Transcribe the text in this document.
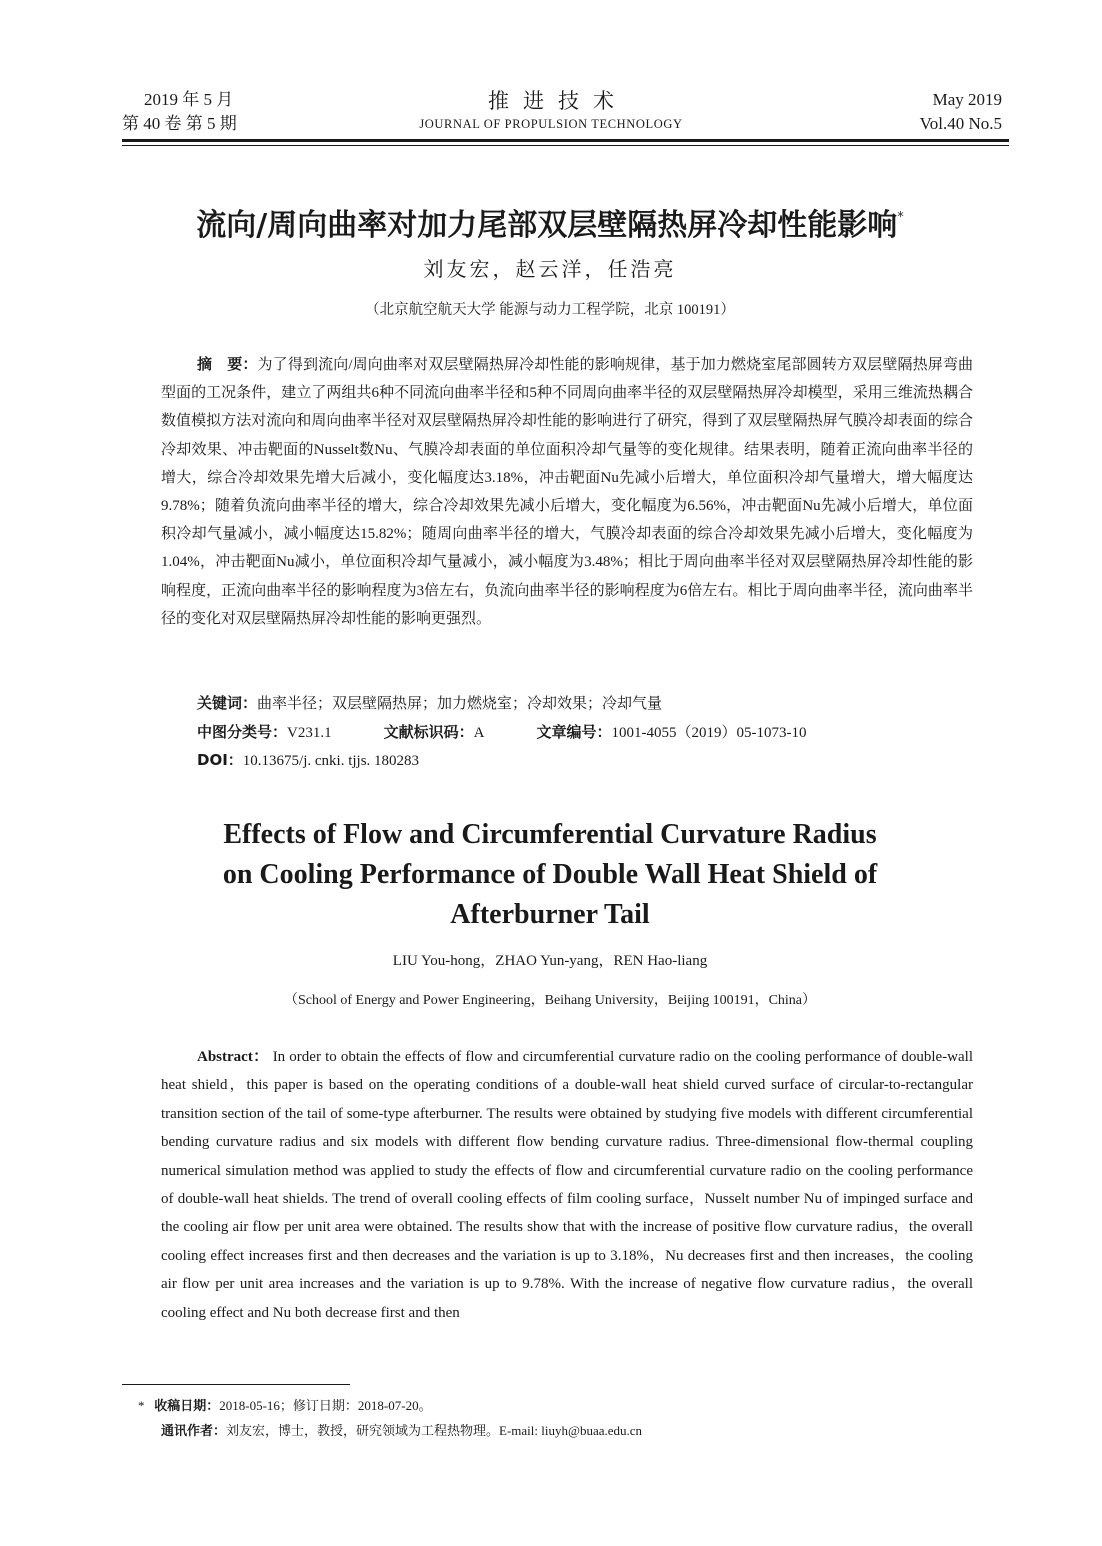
2019 年 5 月
第 40 卷 第 5 期
推进技术
JOURNAL OF PROPULSION TECHNOLOGY
May 2019
Vol.40 No.5
流向/周向曲率对加力尾部双层壁隔热屏冷却性能影响*
刘友宏，赵云洋，任浩亮
（北京航空航天大学 能源与动力工程学院，北京 100191）
摘　要：为了得到流向/周向曲率对双层壁隔热屏冷却性能的影响规律，基于加力燃烧室尾部圆转方双层壁隔热屏弯曲型面的工况条件，建立了两组共6种不同流向曲率半径和5种不同周向曲率半径的双层壁隔热屏冷却模型，采用三维流热耦合数值模拟方法对流向和周向曲率半径对双层壁隔热屏冷却性能的影响进行了研究，得到了双层壁隔热屏气膜冷却表面的综合冷却效果、冲击靶面的Nusselt数Nu、气膜冷却表面的单位面积冷却气量等的变化规律。结果表明，随着正流向曲率半径的增大，综合冷却效果先增大后减小，变化幅度达3.18%，冲击靶面Nu先减小后增大，单位面积冷却气量增大，增大幅度达9.78%；随着负流向曲率半径的增大，综合冷却效果先减小后增大，变化幅度为6.56%，冲击靶面Nu先减小后增大，单位面积冷却气量减小，减小幅度达15.82%；随周向曲率半径的增大，气膜冷却表面的综合冷却效果先减小后增大，变化幅度为1.04%，冲击靶面Nu减小，单位面积冷却气量减小，减小幅度为3.48%；相比于周向曲率半径对双层壁隔热屏冷却性能的影响程度，正流向曲率半径的影响程度为3倍左右，负流向曲率半径的影响程度为6倍左右。相比于周向曲率半径，流向曲率半径的变化对双层壁隔热屏冷却性能的影响更强烈。
关键词：曲率半径；双层壁隔热屏；加力燃烧室；冷却效果；冷却气量
中图分类号：V231.1	文献标识码：A	文章编号：1001-4055（2019）05-1073-10
DOI：10.13675/j. cnki. tjjs. 180283
Effects of Flow and Circumferential Curvature Radius
on Cooling Performance of Double Wall Heat Shield of
Afterburner Tail
LIU You-hong，ZHAO Yun-yang，REN Hao-liang
（School of Energy and Power Engineering，Beihang University，Beijing 100191，China）
Abstract： In order to obtain the effects of flow and circumferential curvature radio on the cooling performance of double-wall heat shield，this paper is based on the operating conditions of a double-wall heat shield curved surface of circular-to-rectangular transition section of the tail of some-type afterburner. The results were obtained by studying five models with different circumferential bending curvature radius and six models with different flow bending curvature radius. Three-dimensional flow-thermal coupling numerical simulation method was applied to study the effects of flow and circumferential curvature radio on the cooling performance of double-wall heat shields. The trend of overall cooling effects of film cooling surface，Nusselt number Nu of impinged surface and the cooling air flow per unit area were obtained. The results show that with the increase of positive flow curvature radius，the overall cooling effect increases first and then decreases and the variation is up to 3.18%，Nu decreases first and then increases，the cooling air flow per unit area increases and the variation is up to 9.78%. With the increase of negative flow curvature radius，the overall cooling effect and Nu both decrease first and then
* 收稿日期：2018-05-16；修订日期：2018-07-20。
通讯作者：刘友宏，博士，教授，研究领域为工程热物理。E-mail: liuyh@buaa.edu.cn
